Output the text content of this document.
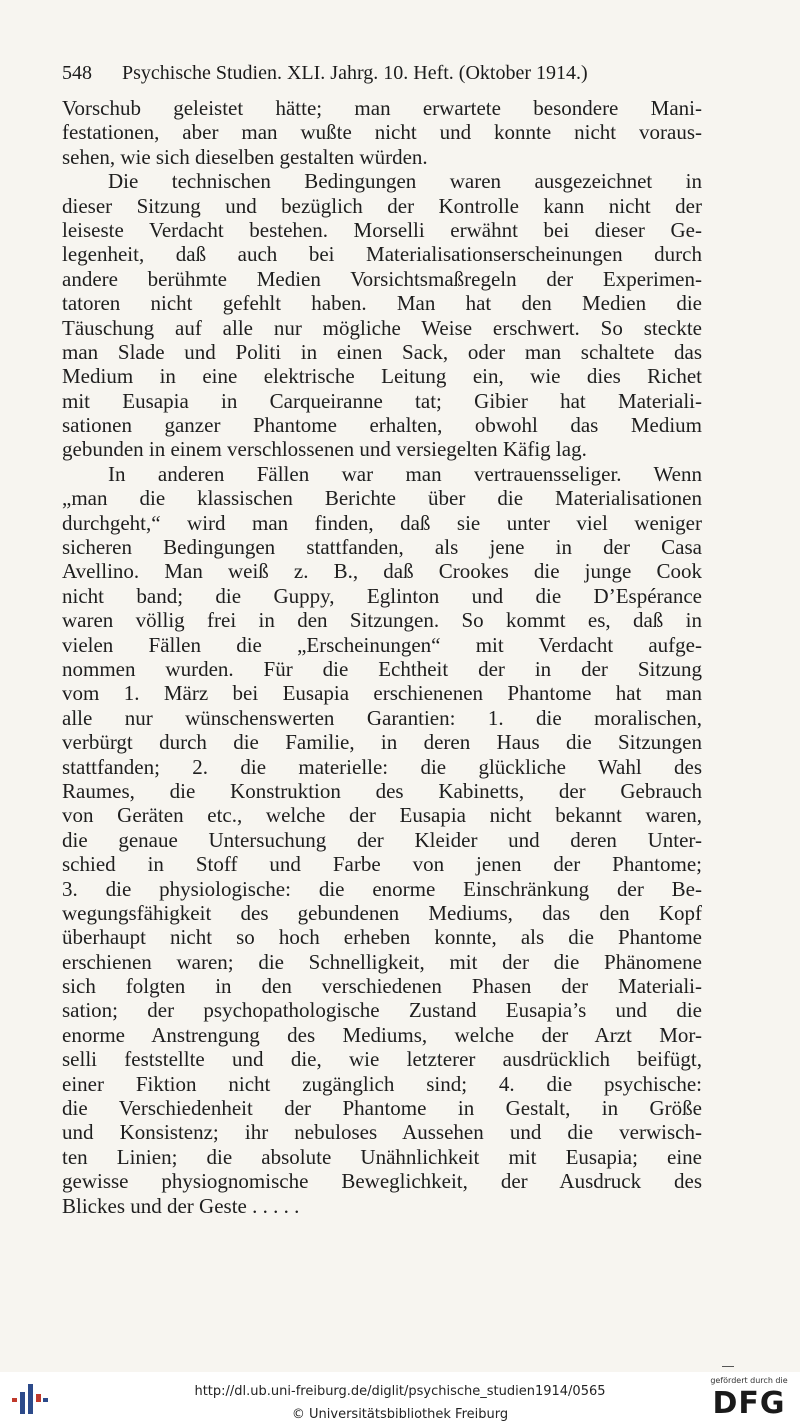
548 Psychische Studien. XLI. Jahrg. 10. Heft. (Oktober 1914.)
Vorschub geleistet hätte; man erwartete besondere Mani-
festationen, aber man wußte nicht und konnte nicht voraus-
sehen, wie sich dieselben gestalten würden.
Die technischen Bedingungen waren ausgezeichnet in
dieser Sitzung und bezüglich der Kontrolle kann nicht der
leiseste Verdacht bestehen. Morselli erwähnt bei dieser Ge-
legenheit, daß auch bei Materialisationserscheinungen durch
andere berühmte Medien Vorsichtsmaßregeln der Experimen-
tatoren nicht gefehlt haben. Man hat den Medien die
Täuschung auf alle nur mögliche Weise erschwert. So steckte
man Slade und Politi in einen Sack, oder man schaltete das
Medium in eine elektrische Leitung ein, wie dies Richet
mit Eusapia in Carqueiranne tat; Gibier hat Materiali-
sationen ganzer Phantome erhalten, obwohl das Medium
gebunden in einem verschlossenen und versiegelten Käfig lag.
In anderen Fällen war man vertrauensseliger. Wenn
„man die klassischen Berichte über die Materialisationen
durchgeht,“ wird man finden, daß sie unter viel weniger
sicheren Bedingungen stattfanden, als jene in der Casa
Avellino. Man weiß z. B., daß Crookes die junge Cook
nicht band; die Guppy, Eglinton und die D’Espérance
waren völlig frei in den Sitzungen. So kommt es, daß in
vielen Fällen die „Erscheinungen“ mit Verdacht aufge-
nommen wurden. Für die Echtheit der in der Sitzung
vom 1. März bei Eusapia erschienenen Phantome hat man
alle nur wünschenswerten Garantien: 1. die moralischen,
verbürgt durch die Familie, in deren Haus die Sitzungen
stattfanden; 2. die materielle: die glückliche Wahl des
Raumes, die Konstruktion des Kabinetts, der Gebrauch
von Geräten etc., welche der Eusapia nicht bekannt waren,
die genaue Untersuchung der Kleider und deren Unter-
schied in Stoff und Farbe von jenen der Phantome;
3. die physiologische: die enorme Einschränkung der Be-
wegungsfähigkeit des gebundenen Mediums, das den Kopf
überhaupt nicht so hoch erheben konnte, als die Phantome
erschienen waren; die Schnelligkeit, mit der die Phänomene
sich folgten in den verschiedenen Phasen der Materiali-
sation; der psychopathologische Zustand Eusapia’s und die
enorme Anstrengung des Mediums, welche der Arzt Mor-
selli feststellte und die, wie letzterer ausdrücklich beifügt,
einer Fiktion nicht zugänglich sind; 4. die psychische:
die Verschiedenheit der Phantome in Gestalt, in Größe
und Konsistenz; ihr nebuloses Aussehen und die verwisch-
ten Linien; die absolute Unähnlichkeit mit Eusapia; eine
gewisse physiognomische Beweglichkeit, der Ausdruck des
Blickes und der Geste . . . . .
http://dl.ub.uni-freiburg.de/diglit/psychische_studien1914/0565
© Universitätsbibliothek Freiburg
gefördert durch die
DFG
